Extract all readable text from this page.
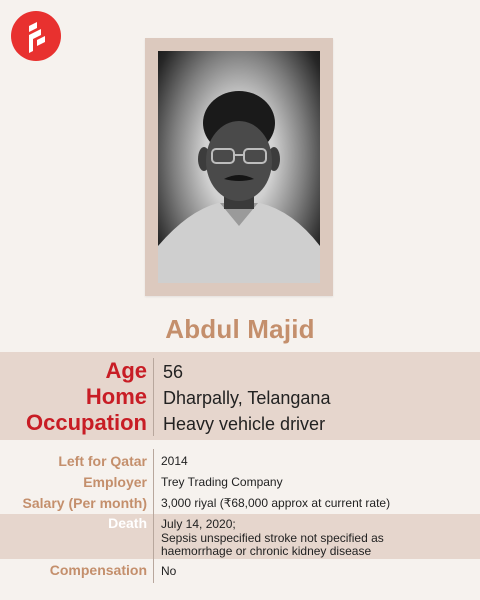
Abdul Majid
Age 56
Home Dharpally, Telangana
Occupation Heavy vehicle driver
Left for Qatar 2014
Employer Trey Trading Company
Salary (Per month) 3,000 riyal (₹68,000 approx at current rate)
Death July 14, 2020;
Sepsis unspecified stroke not specified as
haemorrhage or chronic kidney disease
Compensation No
